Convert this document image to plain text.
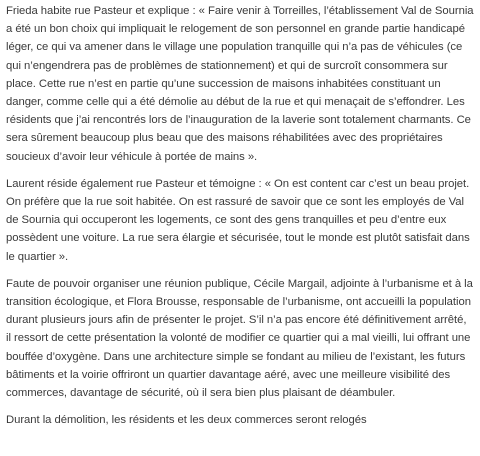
Frieda habite rue Pasteur et explique : « Faire venir à Torreilles, l’établissement Val de Sournia a été un bon choix qui impliquait le relogement de son personnel en grande partie handicapé léger, ce qui va amener dans le village une population tranquille qui n’a pas de véhicules (ce qui n’engendrera pas de problèmes de stationnement) et qui de surcroît consommera sur place. Cette rue n’est en partie qu’une succession de maisons inhabitées constituant un danger, comme celle qui a été démolie au début de la rue et qui menaçait de s’effondrer. Les résidents que j’ai rencontrés lors de l’inauguration de la laverie sont totalement charmants. Ce sera sûrement beaucoup plus beau que des maisons réhabilitées avec des propriétaires soucieux d’avoir leur véhicule à portée de mains ».

Laurent réside également rue Pasteur et témoigne : « On est content car c’est un beau projet. On préfère que la rue soit habitée. On est rassuré de savoir que ce sont les employés de Val de Sournia qui occuperont les logements, ce sont des gens tranquilles et peu d’entre eux possèdent une voiture. La rue sera élargie et sécurisée, tout le monde est plutôt satisfait dans le quartier ».

Faute de pouvoir organiser une réunion publique, Cécile Margail, adjointe à l’urbanisme et à la transition écologique, et Flora Brousse, responsable de l’urbanisme, ont accueilli la population durant plusieurs jours afin de présenter le projet. S’il n’a pas encore été définitivement arrêté, il ressort de cette présentation la volonté de modifier ce quartier qui a mal vieilli, lui offrant une bouffée d’oxygène. Dans une architecture simple se fondant au milieu de l’existant, les futurs bâtiments et la voirie offriront un quartier davantage aéré, avec une meilleure visibilité des commerces, davantage de sécurité, où il sera bien plus plaisant de déambuler.

Durant la démolition, les résidents et les deux commerces seront relogés
